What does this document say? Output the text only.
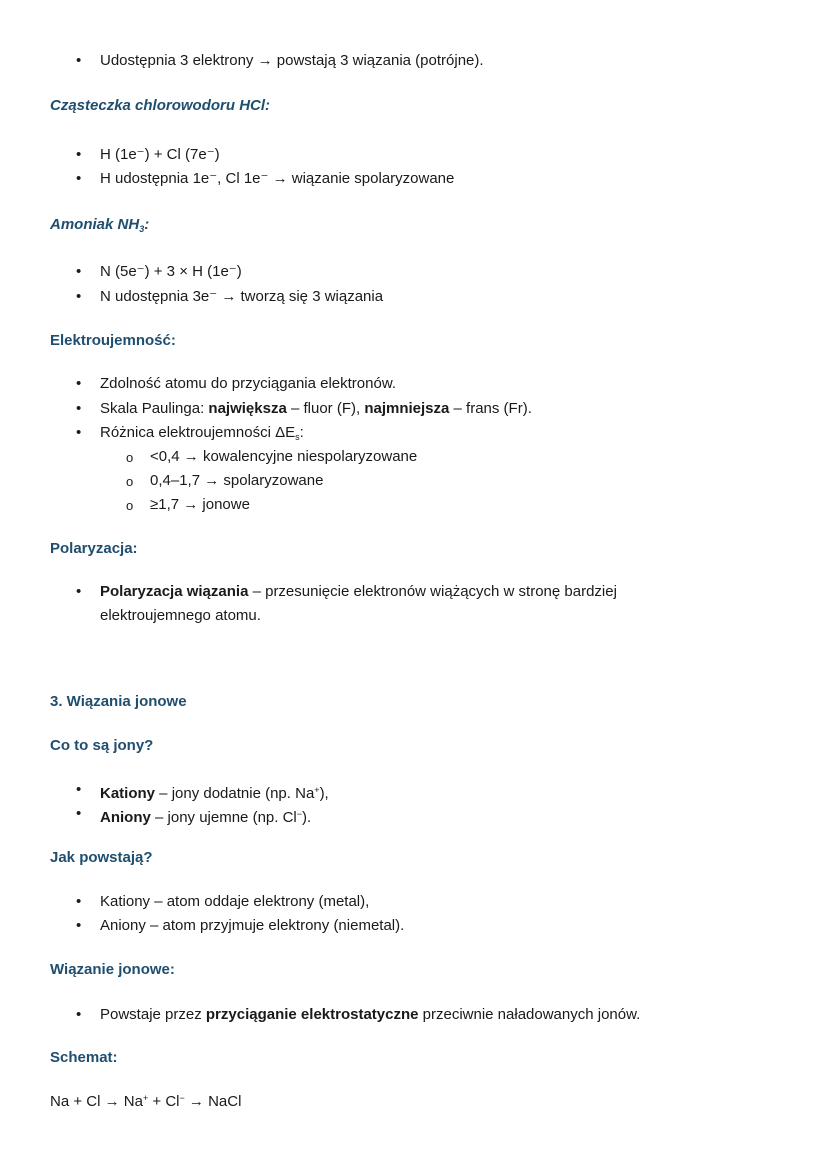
• Udostępnia 3 elektrony → powstają 3 wiązania (potrójne).
Cząsteczka chlorowodoru HCl:
• H (1e⁻) + Cl (7e⁻)
• H udostępnia 1e⁻, Cl 1e⁻ → wiązanie spolaryzowane
Amoniak $NH_3$:
• N (5e⁻) + 3 × H (1e⁻)
• N udostępnia 3e⁻ → tworzą się 3 wiązania
Elektroujemność:
• Zdolność atomu do przyciągania elektronów.
• Skala Paulinga: największa – fluor (F), najmniejsza – frans (Fr).
• Różnica elektroujemności $\Delta E_s$:
o <0,4 → kowalencyjne niespolaryzowane
o 0,4–1,7 → spolaryzowane
o ≥1,7 → jonowe
Polaryzacja:
• Polaryzacja wiązania – przesunięcie elektronów wiążących w stronę bardziej elektroujemnego atomu.
3. Wiązania jonowe
Co to są jony?
• Kationy – jony dodatnie (np. Na+),
• Aniony – jony ujemne (np. Cl−).
Jak powstają?
• Kationy – atom oddaje elektrony (metal),
• Aniony – atom przyjmuje elektrony (niemetal).
Wiązanie jonowe:
• Powstaje przez przyciąganie elektrostatyczne przeciwnie naładowanych jonów.
Schemat:
Na + Cl → Na+ + Cl− → NaCl
